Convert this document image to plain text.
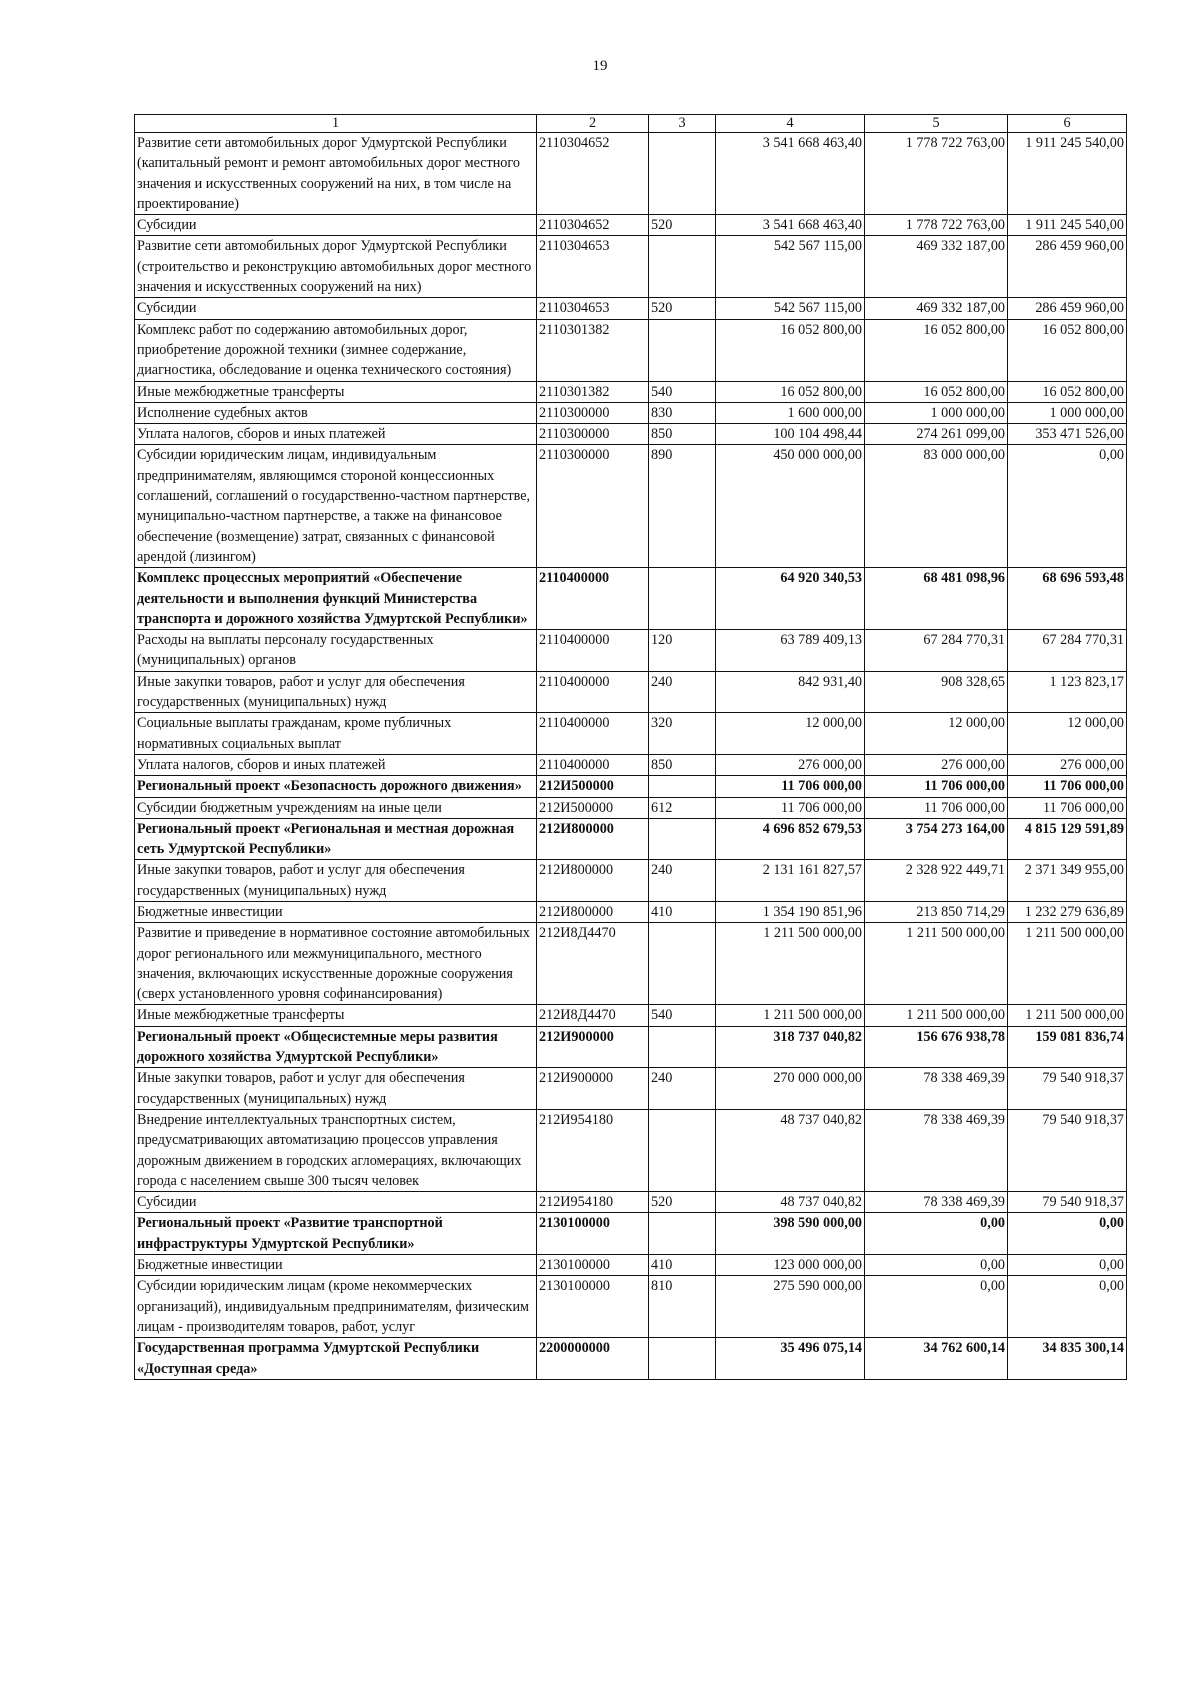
19
1	2	3	4	5	6
Развитие сети автомобильных дорог Удмуртской Республики (капитальный ремонт и ремонт автомобильных дорог местного значения и искусственных сооружений на них, в том числе на проектирование)	2110304652		3 541 668 463,40	1 778 722 763,00	1 911 245 540,00
Субсидии	2110304652	520	3 541 668 463,40	1 778 722 763,00	1 911 245 540,00
Развитие сети автомобильных дорог Удмуртской Республики (строительство и реконструкцию автомобильных дорог местного значения и искусственных сооружений на них)	2110304653		542 567 115,00	469 332 187,00	286 459 960,00
Субсидии	2110304653	520	542 567 115,00	469 332 187,00	286 459 960,00
Комплекс работ по содержанию автомобильных дорог, приобретение дорожной техники (зимнее содержание, диагностика, обследование и оценка технического состояния)	2110301382		16 052 800,00	16 052 800,00	16 052 800,00
Иные межбюджетные трансферты	2110301382	540	16 052 800,00	16 052 800,00	16 052 800,00
Исполнение судебных актов	2110300000	830	1 600 000,00	1 000 000,00	1 000 000,00
Уплата налогов, сборов и иных платежей	2110300000	850	100 104 498,44	274 261 099,00	353 471 526,00
Субсидии юридическим лицам, индивидуальным предпринимателям, являющимся стороной концессионных соглашений, соглашений о государственно-частном партнерстве, муниципально-частном партнерстве, а также на финансовое обеспечение (возмещение) затрат, связанных с финансовой арендой (лизингом)	2110300000	890	450 000 000,00	83 000 000,00	0,00
Комплекс процессных мероприятий «Обеспечение деятельности и выполнения функций Министерства транспорта и дорожного хозяйства Удмуртской Республики»	2110400000		64 920 340,53	68 481 098,96	68 696 593,48
Расходы на выплаты персоналу государственных (муниципальных) органов	2110400000	120	63 789 409,13	67 284 770,31	67 284 770,31
Иные закупки товаров, работ и услуг для обеспечения государственных (муниципальных) нужд	2110400000	240	842 931,40	908 328,65	1 123 823,17
Социальные выплаты гражданам, кроме публичных нормативных социальных выплат	2110400000	320	12 000,00	12 000,00	12 000,00
Уплата налогов, сборов и иных платежей	2110400000	850	276 000,00	276 000,00	276 000,00
Региональный проект «Безопасность дорожного движения»	212И500000		11 706 000,00	11 706 000,00	11 706 000,00
Субсидии бюджетным учреждениям на иные цели	212И500000	612	11 706 000,00	11 706 000,00	11 706 000,00
Региональный проект «Региональная и местная дорожная сеть Удмуртской Республики»	212И800000		4 696 852 679,53	3 754 273 164,00	4 815 129 591,89
Иные закупки товаров, работ и услуг для обеспечения государственных (муниципальных) нужд	212И800000	240	2 131 161 827,57	2 328 922 449,71	2 371 349 955,00
Бюджетные инвестиции	212И800000	410	1 354 190 851,96	213 850 714,29	1 232 279 636,89
Развитие и приведение в нормативное состояние автомобильных дорог регионального или межмуниципального, местного значения, включающих искусственные дорожные сооружения (сверх установленного уровня софинансирования)	212И8Д4470		1 211 500 000,00	1 211 500 000,00	1 211 500 000,00
Иные межбюджетные трансферты	212И8Д4470	540	1 211 500 000,00	1 211 500 000,00	1 211 500 000,00
Региональный проект «Общесистемные меры развития дорожного хозяйства Удмуртской Республики»	212И900000		318 737 040,82	156 676 938,78	159 081 836,74
Иные закупки товаров, работ и услуг для обеспечения государственных (муниципальных) нужд	212И900000	240	270 000 000,00	78 338 469,39	79 540 918,37
Внедрение интеллектуальных транспортных систем, предусматривающих автоматизацию процессов управления дорожным движением в городских агломерациях, включающих города с населением свыше 300 тысяч человек	212И954180		48 737 040,82	78 338 469,39	79 540 918,37
Субсидии	212И954180	520	48 737 040,82	78 338 469,39	79 540 918,37
Региональный проект «Развитие транспортной инфраструктуры Удмуртской Республики»	2130100000		398 590 000,00	0,00	0,00
Бюджетные инвестиции	2130100000	410	123 000 000,00	0,00	0,00
Субсидии юридическим лицам (кроме некоммерческих организаций), индивидуальным предпринимателям, физическим лицам - производителям товаров, работ, услуг	2130100000	810	275 590 000,00	0,00	0,00
Государственная программа Удмуртской Республики «Доступная среда»	2200000000		35 496 075,14	34 762 600,14	34 835 300,14
